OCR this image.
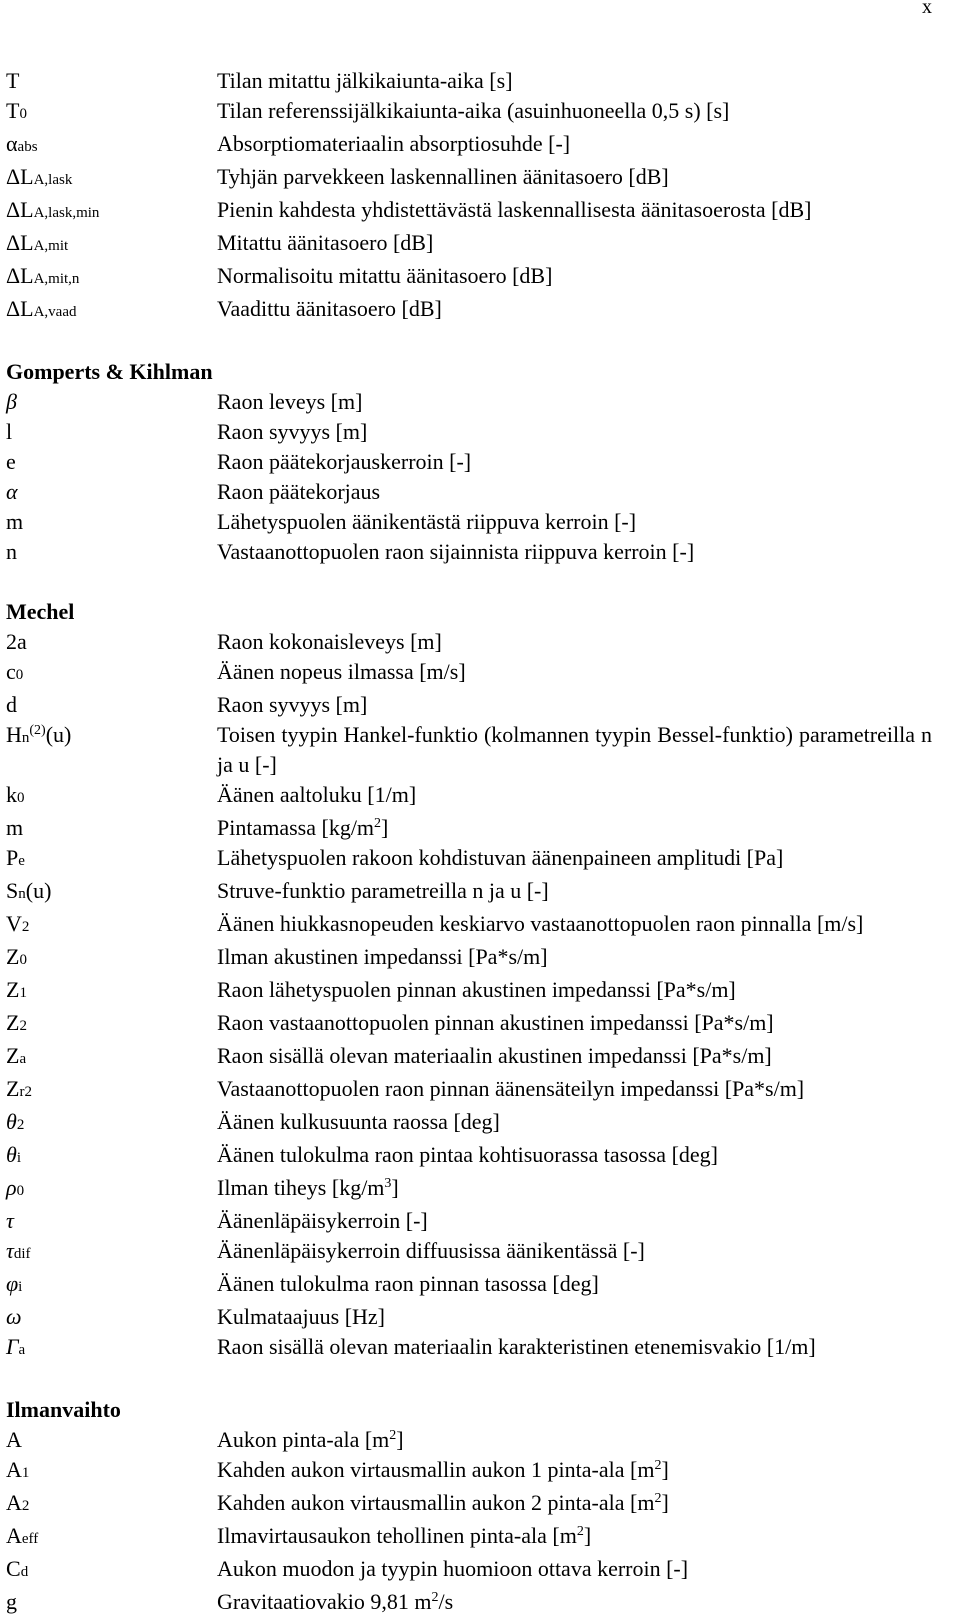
x
T	Tilan mitattu jälkikaiunta-aika [s]
T0	Tilan referenssijälkikaiunta-aika (asuinhuoneella 0,5 s) [s]
αabs	Absorptiomateriaalin absorptiosuhde [-]
ΔLA,lask	Tyhjän parvekkeen laskennallinen äänitasoero [dB]
ΔLA,lask,min	Pienin kahdesta yhdistettävästä laskennallisesta äänitasoerosta [dB]
ΔLA,mit	Mitattu äänitasoero [dB]
ΔLA,mit,n	Normalisoitu mitattu äänitasoero [dB]
ΔLA,vaad	Vaadittu äänitasoero [dB]
Gomperts & Kihlman
β	Raon leveys [m]
l	Raon syvyys [m]
e	Raon päätekorjauskerroin [-]
α	Raon päätekorjaus
m	Lähetyspuolen äänikentästä riippuva kerroin [-]
n	Vastaanottopuolen raon sijainnista riippuva kerroin [-]
Mechel
2a	Raon kokonaisleveys [m]
c0	Äänen nopeus ilmassa [m/s]
d	Raon syvyys [m]
Hn$^{(2)}$(u)	Toisen tyypin Hankel-funktio (kolmannen tyypin Bessel-funktio) parametreilla n ja u [-]
k0	Äänen aaltoluku [1/m]
m	Pintamassa $[kg/m^2]$
Pe	Lähetyspuolen rakoon kohdistuvan äänenpaineen amplitudi [Pa]
Sn(u)	Struve-funktio parametreilla n ja u [-]
V2	Äänen hiukkasnopeuden keskiarvo vastaanottopuolen raon pinnalla [m/s]
Z0	Ilman akustinen impedanssi [Pa*s/m]
Z1	Raon lähetyspuolen pinnan akustinen impedanssi [Pa*s/m]
Z2	Raon vastaanottopuolen pinnan akustinen impedanssi [Pa*s/m]
Za	Raon sisällä olevan materiaalin akustinen impedanssi [Pa*s/m]
Zr2	Vastaanottopuolen raon pinnan äänensäteilyn impedanssi [Pa*s/m]
θ2	Äänen kulkusuunta raossa [deg]
θi	Äänen tulokulma raon pintaa kohtisuorassa tasossa [deg]
ρ0	Ilman tiheys $[kg/m^3]$
τ	Äänenläpäisykerroin [-]
τdif	Äänenläpäisykerroin diffuusissa äänikentässä [-]
φi	Äänen tulokulma raon pinnan tasossa [deg]
ω	Kulmataajuus [Hz]
Γa	Raon sisällä olevan materiaalin karakteristinen etenemisvakio [1/m]
Ilmanvaihto
A	Aukon pinta-ala $[m^2]$
A1	Kahden aukon virtausmallin aukon 1 pinta-ala $[m^2]$
A2	Kahden aukon virtausmallin aukon 2 pinta-ala $[m^2]$
Aeff	Ilmavirtausaukon tehollinen pinta-ala $[m^2]$
Cd	Aukon muodon ja tyypin huomioon ottava kerroin [-]
g	Gravitaatiovakio 9,81 $m^2/s$
